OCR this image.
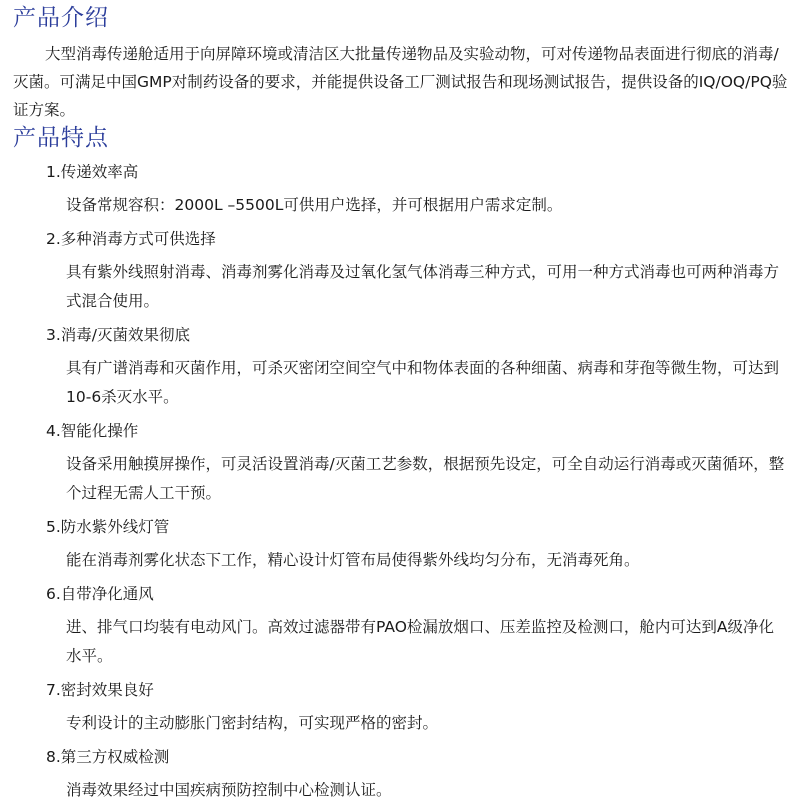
产品介绍

大型消毒传递舱适用于向屏障环境或清洁区大批量传递物品及实验动物，可对传递物品表面进行彻底的消毒/灭菌。可满足中国GMP对制药设备的要求，并能提供设备工厂测试报告和现场测试报告，提供设备的IQ/OQ/PQ验证方案。

产品特点
1.传递效率高
设备常规容积：2000L –5500L可供用户选择，并可根据用户需求定制。
2.多种消毒方式可供选择
具有紫外线照射消毒、消毒剂雾化消毒及过氧化氢气体消毒三种方式，可用一种方式消毒也可两种消毒方式混合使用。
3.消毒/灭菌效果彻底
具有广谱消毒和灭菌作用，可杀灭密闭空间空气中和物体表面的各种细菌、病毒和芽孢等微生物，可达到10-6杀灭水平。
4.智能化操作
设备采用触摸屏操作，可灵活设置消毒/灭菌工艺参数，根据预先设定，可全自动运行消毒或灭菌循环，整个过程无需人工干预。
5.防水紫外线灯管
能在消毒剂雾化状态下工作，精心设计灯管布局使得紫外线均匀分布，无消毒死角。
6.自带净化通风
进、排气口均装有电动风门。高效过滤器带有PAO检漏放烟口、压差监控及检测口，舱内可达到A级净化水平。
7.密封效果良好
专利设计的主动膨胀门密封结构，可实现严格的密封。
8.第三方权威检测
消毒效果经过中国疾病预防控制中心检测认证。
